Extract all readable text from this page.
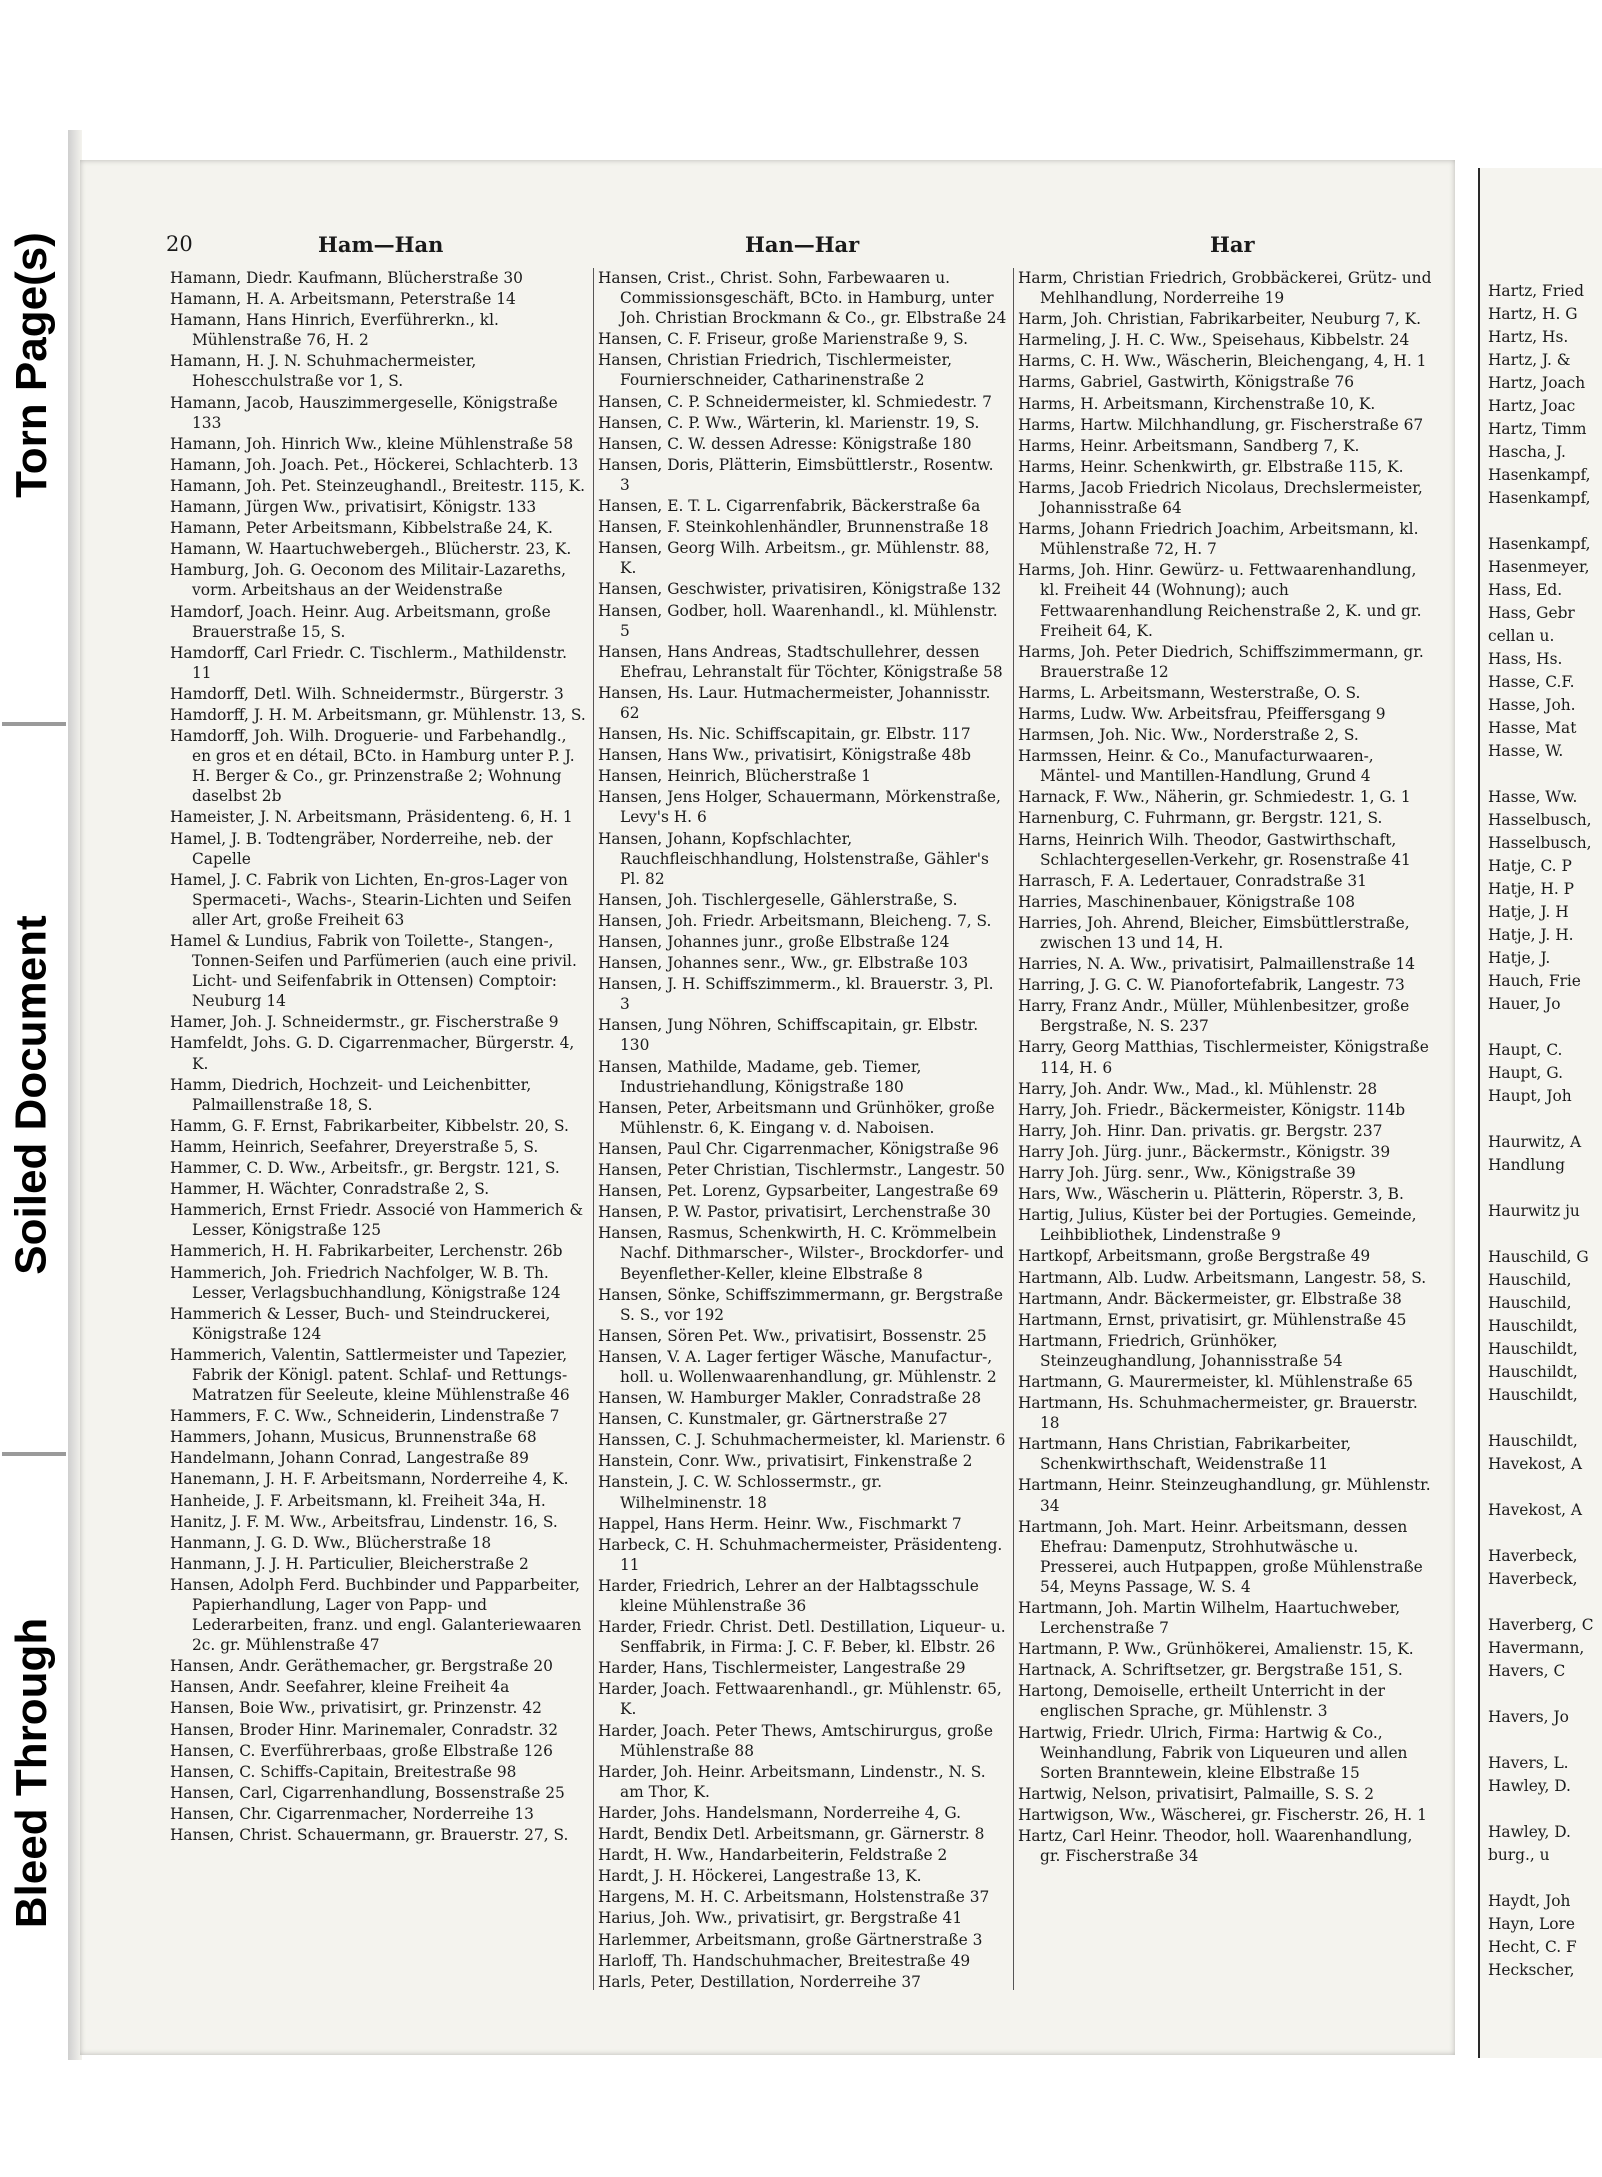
Torn Page(s)
Soiled Document
Bleed Through
20	Ham—Han	Han—Har	Har
Hamann, Diedr. Kaufmann, Blücherstraße 30
Hamann, H. A. Arbeitsmann, Peterstraße 14
Hamann, Hans Hinrich, Everführerkn., kl. Mühlenstraße 76, H. 2
Hamann, H. J. N. Schuhmachermeister, Hohescchulstraße vor 1, S.
Hamann, Jacob, Hauszimmergeselle, Königstraße 133
Hamann, Joh. Hinrich Ww., kleine Mühlenstraße 58
Hamann, Joh. Joach. Pet., Höckerei, Schlachterb. 13
Hamann, Joh. Pet. Steinzeughandl., Breitestr. 115, K.
Hamann, Jürgen Ww., privatisirt, Königstr. 133
Hamann, Peter Arbeitsmann, Kibbelstraße 24, K.
Hamann, W. Haartuchwebergeh., Blücherstr. 23, K.
Hamburg, Joh. G. Oeconom des Militair-Lazareths, vorm. Arbeitshaus an der Weidenstraße
Hamdorf, Joach. Heinr. Aug. Arbeitsmann, große Brauerstraße 15, S.
Hamdorff, Carl Friedr. C. Tischlerm., Mathildenstr. 11
Hamdorff, Detl. Wilh. Schneidermstr., Bürgerstr. 3
Hamdorff, J. H. M. Arbeitsmann, gr. Mühlenstr. 13, S.
Hamdorff, Joh. Wilh. Droguerie- und Farbehandlg., en gros et en détail, BCto. in Hamburg unter P. J. H. Berger & Co., gr. Prinzenstraße 2; Wohnung daselbst 2b
Hameister, J. N. Arbeitsmann, Präsidenteng. 6, H. 1
Hamel, J. B. Todtengräber, Norderreihe, neb. der Capelle
Hamel, J. C. Fabrik von Lichten, En-gros-Lager von Spermaceti-, Wachs-, Stearin-Lichten und Seifen aller Art, große Freiheit 63
Hamel & Lundius, Fabrik von Toilette-, Stangen-, Tonnen-Seifen und Parfümerien (auch eine privil. Licht- und Seifenfabrik in Ottensen) Comptoir: Neuburg 14
Hamer, Joh. J. Schneidermstr., gr. Fischerstraße 9
Hamfeldt, Johs. G. D. Cigarrenmacher, Bürgerstr. 4, K.
Hamm, Diedrich, Hochzeit- und Leichenbitter, Palmaillenstraße 18, S.
Hamm, G. F. Ernst, Fabrikarbeiter, Kibbelstr. 20, S.
Hamm, Heinrich, Seefahrer, Dreyerstraße 5, S.
Hammer, C. D. Ww., Arbeitsfr., gr. Bergstr. 121, S.
Hammer, H. Wächter, Conradstraße 2, S.
Hammerich, Ernst Friedr. Associé von Hammerich & Lesser, Königstraße 125
Hammerich, H. H. Fabrikarbeiter, Lerchenstr. 26b
Hammerich, Joh. Friedrich Nachfolger, W. B. Th. Lesser, Verlagsbuchhandlung, Königstraße 124
Hammerich & Lesser, Buch- und Steindruckerei, Königstraße 124
Hammerich, Valentin, Sattlermeister und Tapezier, Fabrik der Königl. patent. Schlaf- und Rettungs-Matratzen für Seeleute, kleine Mühlenstraße 46
Hammers, F. C. Ww., Schneiderin, Lindenstraße 7
Hammers, Johann, Musicus, Brunnenstraße 68
Handelmann, Johann Conrad, Langestraße 89
Hanemann, J. H. F. Arbeitsmann, Norderreihe 4, K.
Hanheide, J. F. Arbeitsmann, kl. Freiheit 34a, H.
Hanitz, J. F. M. Ww., Arbeitsfrau, Lindenstr. 16, S.
Hanmann, J. G. D. Ww., Blücherstraße 18
Hanmann, J. J. H. Particulier, Bleicherstraße 2
Hansen, Adolph Ferd. Buchbinder und Papparbeiter, Papierhandlung, Lager von Papp- und Lederarbeiten, franz. und engl. Galanteriewaaren 2c. gr. Mühlenstraße 47
Hansen, Andr. Geräthemacher, gr. Bergstraße 20
Hansen, Andr. Seefahrer, kleine Freiheit 4a
Hansen, Boie Ww., privatisirt, gr. Prinzenstr. 42
Hansen, Broder Hinr. Marinemaler, Conradstr. 32
Hansen, C. Everführerbaas, große Elbstraße 126
Hansen, C. Schiffs-Capitain, Breitestraße 98
Hansen, Carl, Cigarrenhandlung, Bossenstraße 25
Hansen, Chr. Cigarrenmacher, Norderreihe 13
Hansen, Christ. Schauermann, gr. Brauerstr. 27, S.
Hansen, Crist., Christ. Sohn, Farbewaaren u. Commissionsgeschäft, BCto. in Hamburg, unter Joh. Christian Brockmann & Co., gr. Elbstraße 24
Hansen, C. F. Friseur, große Marienstraße 9, S.
Hansen, Christian Friedrich, Tischlermeister, Fournierschneider, Catharinenstraße 2
Hansen, C. P. Schneidermeister, kl. Schmiedestr. 7
Hansen, C. P. Ww., Wärterin, kl. Marienstr. 19, S.
Hansen, C. W. dessen Adresse: Königstraße 180
Hansen, Doris, Plätterin, Eimsbüttlerstr., Rosentw. 3
Hansen, E. T. L. Cigarrenfabrik, Bäckerstraße 6a
Hansen, F. Steinkohlenhändler, Brunnenstraße 18
Hansen, Georg Wilh. Arbeitsm., gr. Mühlenstr. 88, K.
Hansen, Geschwister, privatisiren, Königstraße 132
Hansen, Godber, holl. Waarenhandl., kl. Mühlenstr. 5
Hansen, Hans Andreas, Stadtschullehrer, dessen Ehefrau, Lehranstalt für Töchter, Königstraße 58
Hansen, Hs. Laur. Hutmachermeister, Johannisstr. 62
Hansen, Hs. Nic. Schiffscapitain, gr. Elbstr. 117
Hansen, Hans Ww., privatisirt, Königstraße 48b
Hansen, Heinrich, Blücherstraße 1
Hansen, Jens Holger, Schauermann, Mörkenstraße, Levy's H. 6
Hansen, Johann, Kopfschlachter, Rauchfleischhandlung, Holstenstraße, Gähler's Pl. 82
Hansen, Joh. Tischlergeselle, Gählerstraße, S.
Hansen, Joh. Friedr. Arbeitsmann, Bleicheng. 7, S.
Hansen, Johannes junr., große Elbstraße 124
Hansen, Johannes senr., Ww., gr. Elbstraße 103
Hansen, J. H. Schiffszimmerm., kl. Brauerstr. 3, Pl. 3
Hansen, Jung Nöhren, Schiffscapitain, gr. Elbstr. 130
Hansen, Mathilde, Madame, geb. Tiemer, Industriehandlung, Königstraße 180
Hansen, Peter, Arbeitsmann und Grünhöker, große Mühlenstr. 6, K. Eingang v. d. Naboisen.
Hansen, Paul Chr. Cigarrenmacher, Königstraße 96
Hansen, Peter Christian, Tischlermstr., Langestr. 50
Hansen, Pet. Lorenz, Gypsarbeiter, Langestraße 69
Hansen, P. W. Pastor, privatisirt, Lerchenstraße 30
Hansen, Rasmus, Schenkwirth, H. C. Krömmelbein Nachf. Dithmarscher-, Wilster-, Brockdorfer- und Beyenflether-Keller, kleine Elbstraße 8
Hansen, Sönke, Schiffszimmermann, gr. Bergstraße S. S., vor 192
Hansen, Sören Pet. Ww., privatisirt, Bossenstr. 25
Hansen, V. A. Lager fertiger Wäsche, Manufactur-, holl. u. Wollenwaarenhandlung, gr. Mühlenstr. 2
Hansen, W. Hamburger Makler, Conradstraße 28
Hansen, C. Kunstmaler, gr. Gärtnerstraße 27
Hanssen, C. J. Schuhmachermeister, kl. Marienstr. 6
Hanstein, Conr. Ww., privatisirt, Finkenstraße 2
Hanstein, J. C. W. Schlossermstr., gr. Wilhelminenstr. 18
Happel, Hans Herm. Heinr. Ww., Fischmarkt 7
Harbeck, C. H. Schuhmachermeister, Präsidenteng. 11
Harder, Friedrich, Lehrer an der Halbtagsschule kleine Mühlenstraße 36
Harder, Friedr. Christ. Detl. Destillation, Liqueur- u. Senffabrik, in Firma: J. C. F. Beber, kl. Elbstr. 26
Harder, Hans, Tischlermeister, Langestraße 29
Harder, Joach. Fettwaarenhandl., gr. Mühlenstr. 65, K.
Harder, Joach. Peter Thews, Amtschirurgus, große Mühlenstraße 88
Harder, Joh. Heinr. Arbeitsmann, Lindenstr., N. S. am Thor, K.
Harder, Johs. Handelsmann, Norderreihe 4, G.
Hardt, Bendix Detl. Arbeitsmann, gr. Gärnerstr. 8
Hardt, H. Ww., Handarbeiterin, Feldstraße 2
Hardt, J. H. Höckerei, Langestraße 13, K.
Hargens, M. H. C. Arbeitsmann, Holstenstraße 37
Harius, Joh. Ww., privatisirt, gr. Bergstraße 41
Harlemmer, Arbeitsmann, große Gärtnerstraße 3
Harloff, Th. Handschuhmacher, Breitestraße 49
Harls, Peter, Destillation, Norderreihe 37
Harm, Christian Friedrich, Grobbäckerei, Grütz- und Mehlhandlung, Norderreihe 19
Harm, Joh. Christian, Fabrikarbeiter, Neuburg 7, K.
Harmeling, J. H. C. Ww., Speisehaus, Kibbelstr. 24
Harms, C. H. Ww., Wäscherin, Bleichengang, 4, H. 1
Harms, Gabriel, Gastwirth, Königstraße 76
Harms, H. Arbeitsmann, Kirchenstraße 10, K.
Harms, Hartw. Milchhandlung, gr. Fischerstraße 67
Harms, Heinr. Arbeitsmann, Sandberg 7, K.
Harms, Heinr. Schenkwirth, gr. Elbstraße 115, K.
Harms, Jacob Friedrich Nicolaus, Drechslermeister, Johannisstraße 64
Harms, Johann Friedrich Joachim, Arbeitsmann, kl. Mühlenstraße 72, H. 7
Harms, Joh. Hinr. Gewürz- u. Fettwaarenhandlung, kl. Freiheit 44 (Wohnung); auch Fettwaarenhandlung Reichenstraße 2, K. und gr. Freiheit 64, K.
Harms, Joh. Peter Diedrich, Schiffszimmermann, gr. Brauerstraße 12
Harms, L. Arbeitsmann, Westerstraße, O. S.
Harms, Ludw. Ww. Arbeitsfrau, Pfeiffersgang 9
Harmsen, Joh. Nic. Ww., Norderstraße 2, S.
Harmssen, Heinr. & Co., Manufacturwaaren-, Mäntel- und Mantillen-Handlung, Grund 4
Harnack, F. Ww., Näherin, gr. Schmiedestr. 1, G. 1
Harnenburg, C. Fuhrmann, gr. Bergstr. 121, S.
Harns, Heinrich Wilh. Theodor, Gastwirthschaft, Schlachtergesellen-Verkehr, gr. Rosenstraße 41
Harrasch, F. A. Ledertauer, Conradstraße 31
Harries, Maschinenbauer, Königstraße 108
Harries, Joh. Ahrend, Bleicher, Eimsbüttlerstraße, zwischen 13 und 14, H.
Harries, N. A. Ww., privatisirt, Palmaillenstraße 14
Harring, J. G. C. W. Pianofortefabrik, Langestr. 73
Harry, Franz Andr., Müller, Mühlenbesitzer, große Bergstraße, N. S. 237
Harry, Georg Matthias, Tischlermeister, Königstraße 114, H. 6
Harry, Joh. Andr. Ww., Mad., kl. Mühlenstr. 28
Harry, Joh. Friedr., Bäckermeister, Königstr. 114b
Harry, Joh. Hinr. Dan. privatis. gr. Bergstr. 237
Harry Joh. Jürg. junr., Bäckermstr., Königstr. 39
Harry Joh. Jürg. senr., Ww., Königstraße 39
Hars, Ww., Wäscherin u. Plätterin, Röperstr. 3, B.
Hartig, Julius, Küster bei der Portugies. Gemeinde, Leihbibliothek, Lindenstraße 9
Hartkopf, Arbeitsmann, große Bergstraße 49
Hartmann, Alb. Ludw. Arbeitsmann, Langestr. 58, S.
Hartmann, Andr. Bäckermeister, gr. Elbstraße 38
Hartmann, Ernst, privatisirt, gr. Mühlenstraße 45
Hartmann, Friedrich, Grünhöker, Steinzeughandlung, Johannisstraße 54
Hartmann, G. Maurermeister, kl. Mühlenstraße 65
Hartmann, Hs. Schuhmachermeister, gr. Brauerstr. 18
Hartmann, Hans Christian, Fabrikarbeiter, Schenkwirthschaft, Weidenstraße 11
Hartmann, Heinr. Steinzeughandlung, gr. Mühlenstr. 34
Hartmann, Joh. Mart. Heinr. Arbeitsmann, dessen Ehefrau: Damenputz, Strohhutwäsche u. Presserei, auch Hutpappen, große Mühlenstraße 54, Meyns Passage, W. S. 4
Hartmann, Joh. Martin Wilhelm, Haartuchweber, Lerchenstraße 7
Hartmann, P. Ww., Grünhökerei, Amalienstr. 15, K.
Hartnack, A. Schriftsetzer, gr. Bergstraße 151, S.
Hartong, Demoiselle, ertheilt Unterricht in der englischen Sprache, gr. Mühlenstr. 3
Hartwig, Friedr. Ulrich, Firma: Hartwig & Co., Weinhandlung, Fabrik von Liqueuren und allen Sorten Branntewein, kleine Elbstraße 15
Hartwig, Nelson, privatisirt, Palmaille, S. S. 2
Hartwigson, Ww., Wäscherei, gr. Fischerstr. 26, H. 1
Hartz, Carl Heinr. Theodor, holl. Waarenhandlung, gr. Fischerstraße 34
Hartz, Fried
Hartz, H. G
Hartz, Hs.
Hartz, J. &
Hartz, Joach
Hartz, Joac
Hartz, Timm
Hascha, J.
Hasenkampf,
Hasenkampf,
Hasenkampf,
Hasenmeyer,
Hass, Ed.
Hass, Gebr
cellan u.
Hass, Hs.
Hasse, C.F.
Hasse, Joh.
Hasse, Mat
Hasse, W.
Hasse, Ww.
Hasselbusch,
Hasselbusch,
Hatje, C. P
Hatje, H. P
Hatje, J. H
Hatje, J. H.
Hatje, J.
Hauch, Frie
Hauer, Jo
Haupt, C.
Haupt, G.
Haupt, Joh
Haurwitz, A
Handlung
Haurwitz ju
Hauschild, G
Hauschild,
Hauschild,
Hauschildt,
Hauschildt,
Hauschildt,
Hauschildt,
Hauschildt,
Havekost, A
Havekost, A
Haverbeck,
Haverbeck,
Haverberg, C
Havermann,
Havers, C
Havers, Jo
Havers, L.
Hawley, D.
Hawley, D.
burg., u
Haydt, Joh
Hayn, Lore
Hecht, C. F
Heckscher,
